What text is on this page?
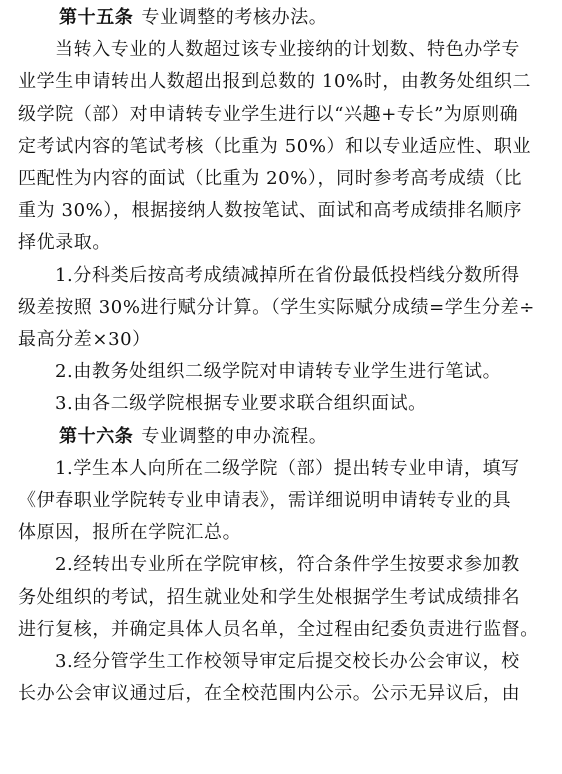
第十五条 专业调整的考核办法。

当转入专业的人数超过该专业接纳的计划数、特色办学专
业学生申请转出人数超出报到总数的 10%时，由教务处组织二
级学院（部）对申请转专业学生进行以“兴趣+专长”为原则确
定考试内容的笔试考核（比重为 50%）和以专业适应性、职业
匹配性为内容的面试（比重为 20%），同时参考高考成绩（比
重为 30%），根据接纳人数按笔试、面试和高考成绩排名顺序
择优录取。

1.分科类后按高考成绩减掉所在省份最低投档线分数所得
级差按照 30%进行赋分计算。（学生实际赋分成绩=学生分差÷
最高分差×30）

2.由教务处组织二级学院对申请转专业学生进行笔试。

3.由各二级学院根据专业要求联合组织面试。

第十六条 专业调整的申办流程。

1.学生本人向所在二级学院（部）提出转专业申请，填写
《伊春职业学院转专业申请表》，需详细说明申请转专业的具
体原因，报所在学院汇总。

2.经转出专业所在学院审核，符合条件学生按要求参加教
务处组织的考试，招生就业处和学生处根据学生考试成绩排名
进行复核，并确定具体人员名单，全过程由纪委负责进行监督。

3.经分管学生工作校领导审定后提交校长办公会审议，校
长办公会审议通过后，在全校范围内公示。公示无异议后，由
